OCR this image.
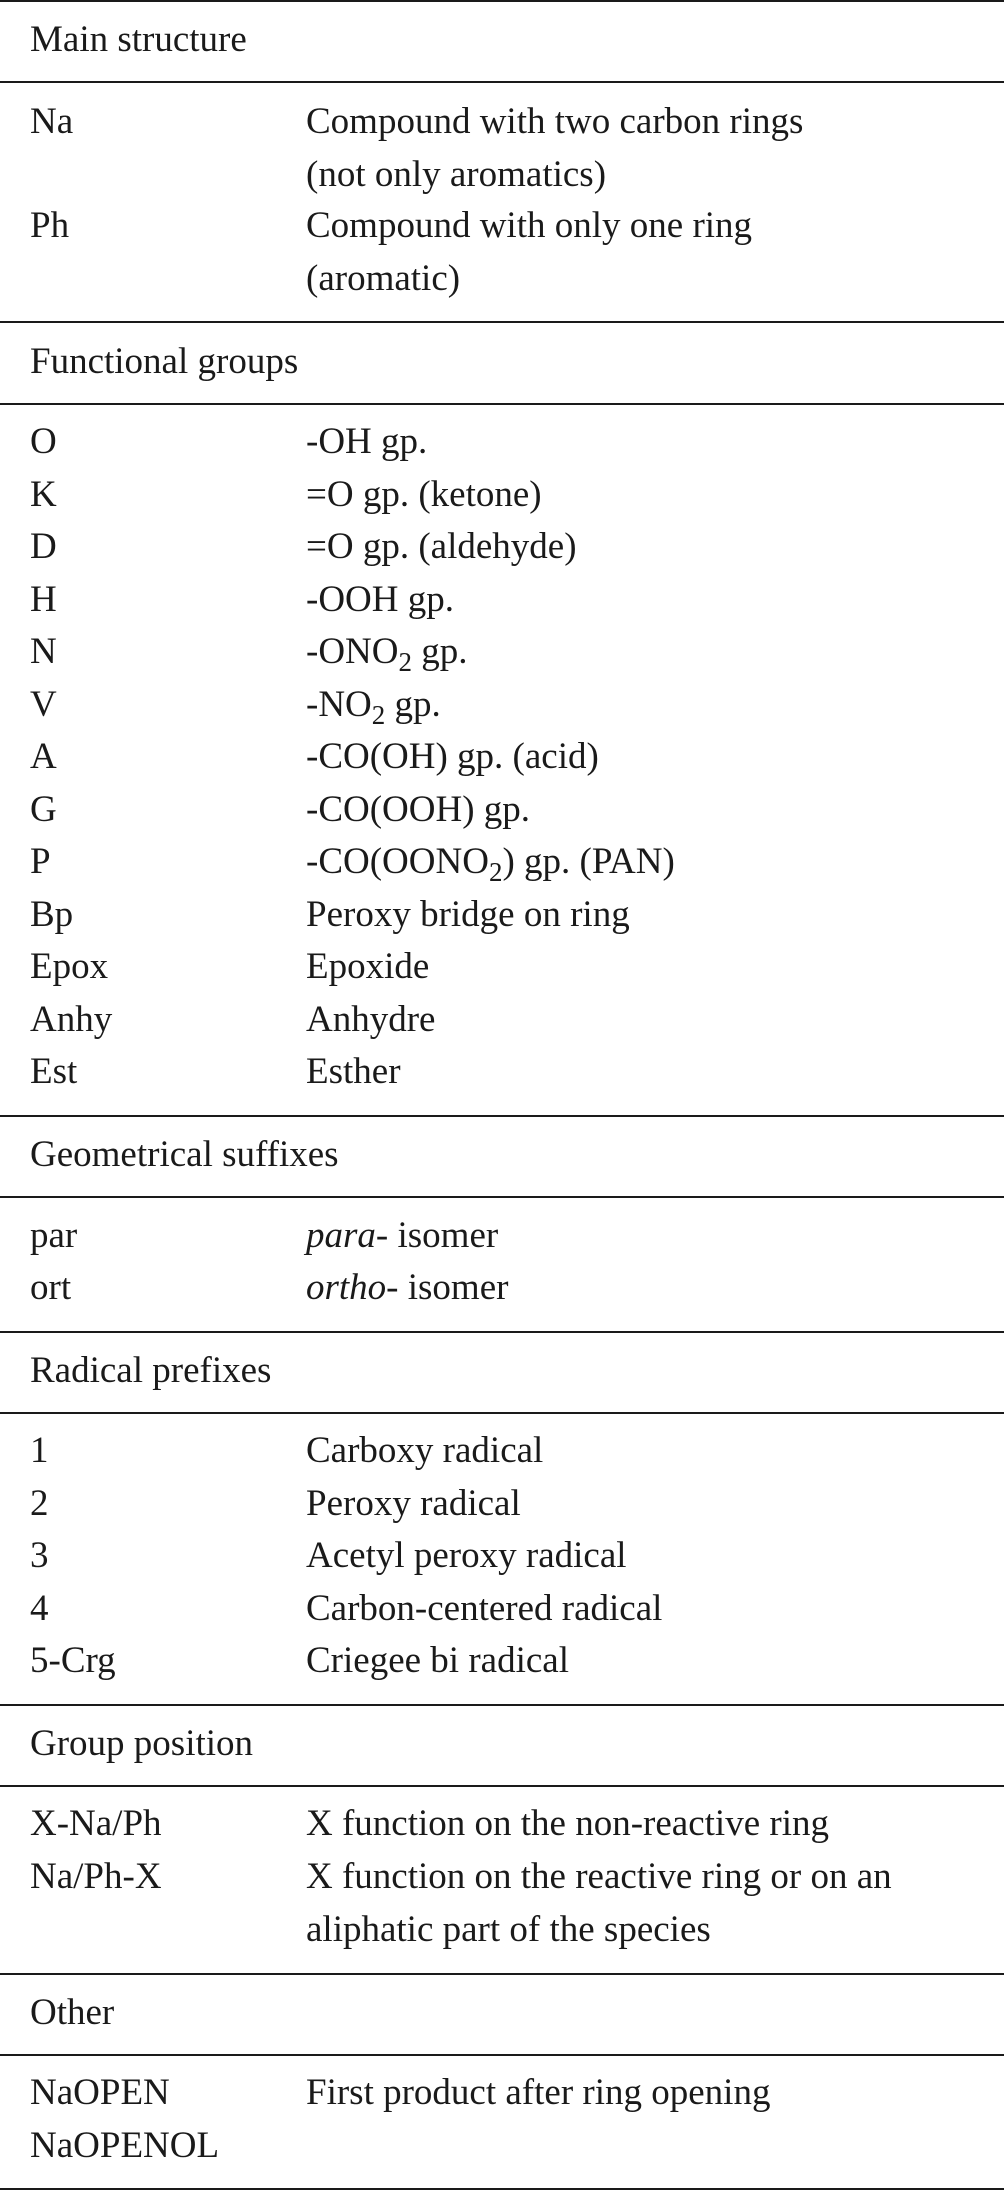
Main structure
Na	Compound with two carbon rings
(not only aromatics)
Ph	Compound with only one ring
(aromatic)
Functional groups
O	-OH gp.
K	=O gp. (ketone)
D	=O gp. (aldehyde)
H	-OOH gp.
N	$-ONO_2$ gp.
V	$-NO_2$ gp.
A	-CO(OH) gp. (acid)
G	-CO(OOH) gp.
P	$-CO(OONO_2)$ gp. (PAN)
Bp	Peroxy bridge on ring
Epox	Epoxide
Anhy	Anhydre
Est	Esther
Geometrical suffixes
par	para- isomer
ort	ortho- isomer
Radical prefixes
1	Carboxy radical
2	Peroxy radical
3	Acetyl peroxy radical
4	Carbon-centered radical
5-Crg	Criegee bi radical
Group position
X-Na/Ph	X function on the non-reactive ring
Na/Ph-X	X function on the reactive ring or on an
aliphatic part of the species
Other
NaOPEN	First product after ring opening
NaOPENOL
